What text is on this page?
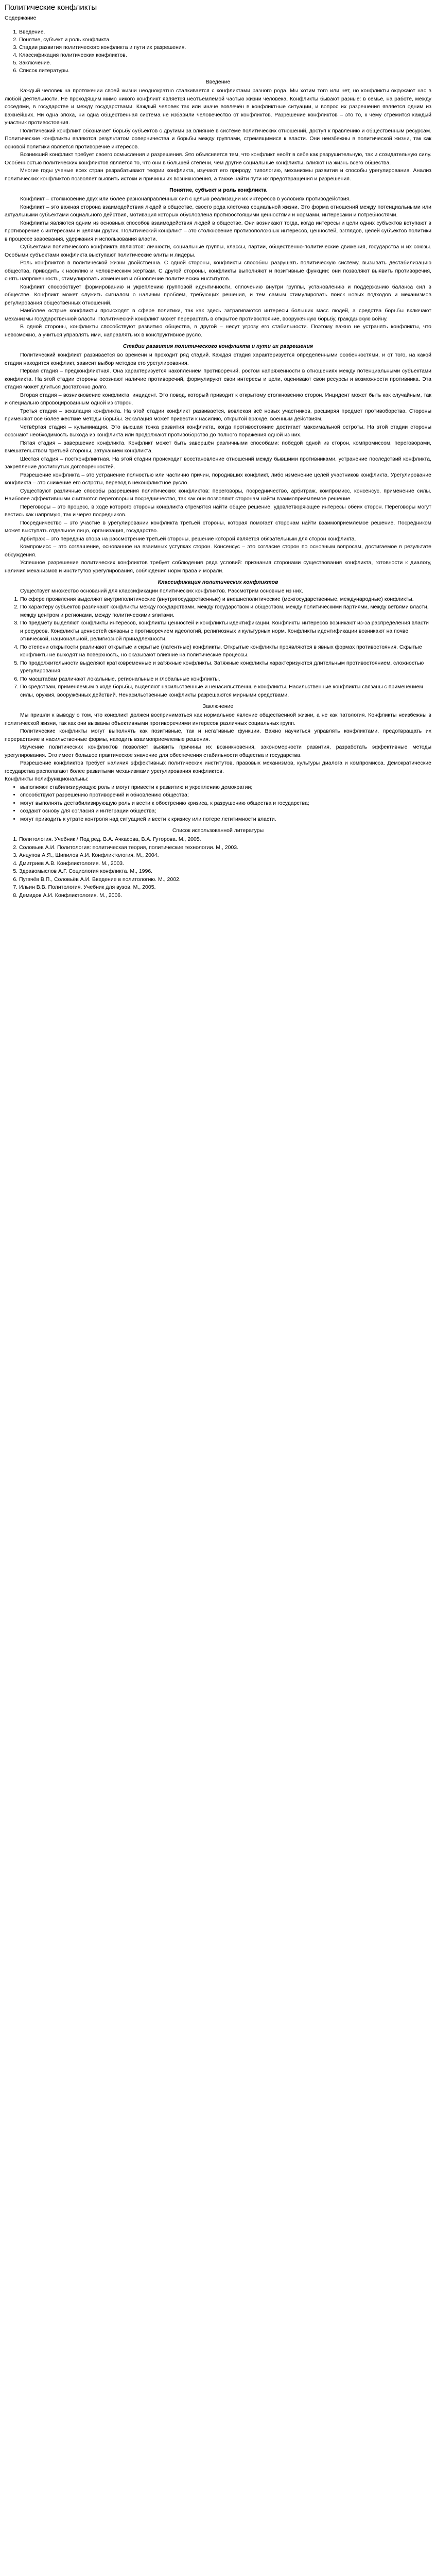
Политические конфликты
Содержание
1. Введение.
2. Понятие, субъект и роль конфликта.
3. Стадии развития политического конфликта и пути их разрешения.
4. Классификация политических конфликтов.
5. Заключение.
6. Список литературы.
Введение

Каждый человек на протяжении своей жизни неоднократно сталкивается с конфликтами разного рода. Мы хотим того или нет, но конфликты окружают нас в любой деятельности. Не проходящим мимо никого конфликт является неотъемлемой частью жизни человека. Конфликты бывают разные: в семье, на работе, между соседями, в государстве и между государствами. Каждый человек так или иначе вовлечён в конфликтные ситуации, и вопрос их разрешения является одним из важнейших. Ни одна эпоха, ни одна общественная система не избавили человечество от конфликтов. Разрешение конфликтов – это то, к чему стремится каждый участник противостояния.

Политический конфликт обозначает борьбу субъектов с другими за влияние в системе политических отношений, доступ к правлению и общественным ресурсам. Политические конфликты являются результатом соперничества и борьбы между группами, стремящимися к власти. Они неизбежны в политической жизни, так как основой политики является противоречие интересов.

Возникший конфликт требует своего осмысления и разрешения. Это объясняется тем, что конфликт несёт в себе как разрушительную, так и созидательную силу. Особенностью политических конфликтов является то, что они в большей степени, чем другие социальные конфликты, влияют на жизнь всего общества.

Многие годы ученые всех стран разрабатывают теории конфликта, изучают его природу, типологию, механизмы развития и способы урегулирования. Анализ политических конфликтов позволяет выявить истоки и причины их возникновения, а также найти пути их предотвращения и разрешения.

Понятие, субъект и роль конфликта

Конфликт – столкновение двух или более разнонаправленных сил с целью реализации их интересов в условиях противодействия.

Конфликт – это важная сторона взаимодействия людей в обществе, своего рода клеточка социальной жизни. Это форма отношений между потенциальными или актуальными субъектами социального действия, мотивация которых обусловлена противостоящими ценностями и нормами, интересами и потребностями.

Конфликты являются одним из основных способов взаимодействия людей в обществе. Они возникают тогда, когда интересы и цели одних субъектов вступают в противоречие с интересами и целями других. Политический конфликт – это столкновение противоположных интересов, ценностей, взглядов, целей субъектов политики в процессе завоевания, удержания и использования власти.

Субъектами политического конфликта являются: личности, социальные группы, классы, партии, общественно-политические движения, государства и их союзы. Особыми субъектами конфликта выступают политические элиты и лидеры.

Роль конфликтов в политической жизни двойственна. С одной стороны, конфликты способны разрушать политическую систему, вызывать дестабилизацию общества, приводить к насилию и человеческим жертвам. С другой стороны, конфликты выполняют и позитивные функции: они позволяют выявить противоречия, снять напряженность, стимулировать изменения и обновление политических институтов.

Конфликт способствует формированию и укреплению групповой идентичности, сплочению внутри группы, установлению и поддержанию баланса сил в обществе. Конфликт может служить сигналом о наличии проблем, требующих решения, и тем самым стимулировать поиск новых подходов и механизмов регулирования общественных отношений.

Наиболее острые конфликты происходят в сфере политики, так как здесь затрагиваются интересы больших масс людей, а средства борьбы включают механизмы государственной власти. Политический конфликт может перерастать в открытое противостояние, вооружённую борьбу, гражданскую войну.

В одной стороны, конфликты способствуют развитию общества, в другой – несут угрозу его стабильности. Поэтому важно не устранять конфликты, что невозможно, а учиться управлять ими, направлять их в конструктивное русло.

Стадии развития политического конфликта и пути их разрешения

Политический конфликт развивается во времени и проходит ряд стадий. Каждая стадия характеризуется определёнными особенностями, и от того, на какой стадии находится конфликт, зависит выбор методов его урегулирования.

Первая стадия – предконфликтная. Она характеризуется накоплением противоречий, ростом напряжённости в отношениях между потенциальными субъектами конфликта. На этой стадии стороны осознают наличие противоречий, формулируют свои интересы и цели, оценивают свои ресурсы и возможности противника. Эта стадия может длиться достаточно долго.

Вторая стадия – возникновение конфликта, инцидент. Это повод, который приводит к открытому столкновению сторон. Инцидент может быть как случайным, так и специально спровоцированным одной из сторон.

Третья стадия – эскалация конфликта. На этой стадии конфликт развивается, вовлекая всё новых участников, расширяя предмет противоборства. Стороны применяют всё более жёсткие методы борьбы. Эскалация может привести к насилию, открытой вражде, военным действиям.

Четвёртая стадия – кульминация. Это высшая точка развития конфликта, когда противостояние достигает максимальной остроты. На этой стадии стороны осознают необходимость выхода из конфликта или продолжают противоборство до полного поражения одной из них.

Пятая стадия – завершение конфликта. Конфликт может быть завершён различными способами: победой одной из сторон, компромиссом, переговорами, вмешательством третьей стороны, затуханием конфликта.

Шестая стадия – постконфликтная. На этой стадии происходит восстановление отношений между бывшими противниками, устранение последствий конфликта, закрепление достигнутых договорённостей.

Разрешение конфликта – это устранение полностью или частично причин, породивших конфликт, либо изменение целей участников конфликта. Урегулирование конфликта – это снижение его остроты, перевод в неконфликтное русло.

Существуют различные способы разрешения политических конфликтов: переговоры, посредничество, арбитраж, компромисс, консенсус, применение силы. Наиболее эффективными считаются переговоры и посредничество, так как они позволяют сторонам найти взаимоприемлемое решение.

Переговоры – это процесс, в ходе которого стороны конфликта стремятся найти общее решение, удовлетворяющее интересы обеих сторон. Переговоры могут вестись как напрямую, так и через посредников.

Посредничество – это участие в урегулировании конфликта третьей стороны, которая помогает сторонам найти взаимоприемлемое решение. Посредником может выступать отдельное лицо, организация, государство.

Арбитраж – это передача спора на рассмотрение третьей стороны, решение которой является обязательным для сторон конфликта.

Компромисс – это соглашение, основанное на взаимных уступках сторон. Консенсус – это согласие сторон по основным вопросам, достигаемое в результате обсуждения.

Успешное разрешение политических конфликтов требует соблюдения ряда условий: признания сторонами существования конфликта, готовности к диалогу, наличия механизмов и институтов урегулирования, соблюдения норм права и морали.

Классификация политических конфликтов

Существует множество оснований для классификации политических конфликтов. Рассмотрим основные из них.

1. По сфере проявления выделяют внутриполитические (внутригосударственные) и внешнеполитические (межгосударственные, международные) конфликты.
2. По характеру субъектов различают конфликты между государствами, между государством и обществом, между политическими партиями, между ветвями власти, между центром и регионами, между политическими элитами.
3. По предмету выделяют конфликты интересов, конфликты ценностей и конфликты идентификации. Конфликты интересов возникают из-за распределения власти и ресурсов. Конфликты ценностей связаны с противоречием идеологий, религиозных и культурных норм. Конфликты идентификации возникают на почве этнической, национальной, религиозной принадлежности.
4. По степени открытости различают открытые и скрытые (латентные) конфликты. Открытые конфликты проявляются в явных формах противостояния. Скрытые конфликты не выходят на поверхность, но оказывают влияние на политические процессы.
5. По продолжительности выделяют кратковременные и затяжные конфликты. Затяжные конфликты характеризуются длительным противостоянием, сложностью урегулирования.
6. По масштабам различают локальные, региональные и глобальные конфликты.
7. По средствам, применяемым в ходе борьбы, выделяют насильственные и ненасильственные конфликты. Насильственные конфликты связаны с применением силы, оружия, вооружённых действий. Ненасильственные конфликты разрешаются мирными средствами.
Заключение

Мы пришли к выводу о том, что конфликт должен восприниматься как нормальное явление общественной жизни, а не как патология. Конфликты неизбежны в политической жизни, так как они вызваны объективными противоречиями интересов различных социальных групп.

Политические конфликты могут выполнять как позитивные, так и негативные функции. Важно научиться управлять конфликтами, предотвращать их перерастание в насильственные формы, находить взаимоприемлемые решения.

Изучение политических конфликтов позволяет выявить причины их возникновения, закономерности развития, разработать эффективные методы урегулирования. Это имеет большое практическое значение для обеспечения стабильности общества и государства.

Разрешение конфликтов требует наличия эффективных политических институтов, правовых механизмов, культуры диалога и компромисса. Демократические государства располагают более развитыми механизмами урегулирования конфликтов.

Конфликты полифункциональны:

• выполняют стабилизирующую роль и могут привести к развитию и укреплению демократии;
• способствуют разрешению противоречий и обновлению общества;
• могут выполнять дестабилизирующую роль и вести к обострению кризиса, к разрушению общества и государства;
• создают основу для согласия и интеграции общества;
• могут приводить к утрате контроля над ситуацией и вести к кризису или потере легитимности власти.
Список использованной литературы
1. Политология. Учебник / Под ред. В.А. Ачкасова, В.А. Гуторова. М., 2005.
2. Соловьев А.И. Политология: политическая теория, политические технологии. М., 2003.
3. Анцупов А.Я., Шипилов А.И. Конфликтология. М., 2004.
4. Дмитриев А.В. Конфликтология. М., 2003.
5. Здравомыслов А.Г. Социология конфликта. М., 1996.
6. Пугачёв В.П., Соловьёв А.И. Введение в политологию. М., 2002.
7. Ильин В.В. Политология. Учебник для вузов. М., 2005.
8. Демидов А.И. Конфликтология. М., 2006.
